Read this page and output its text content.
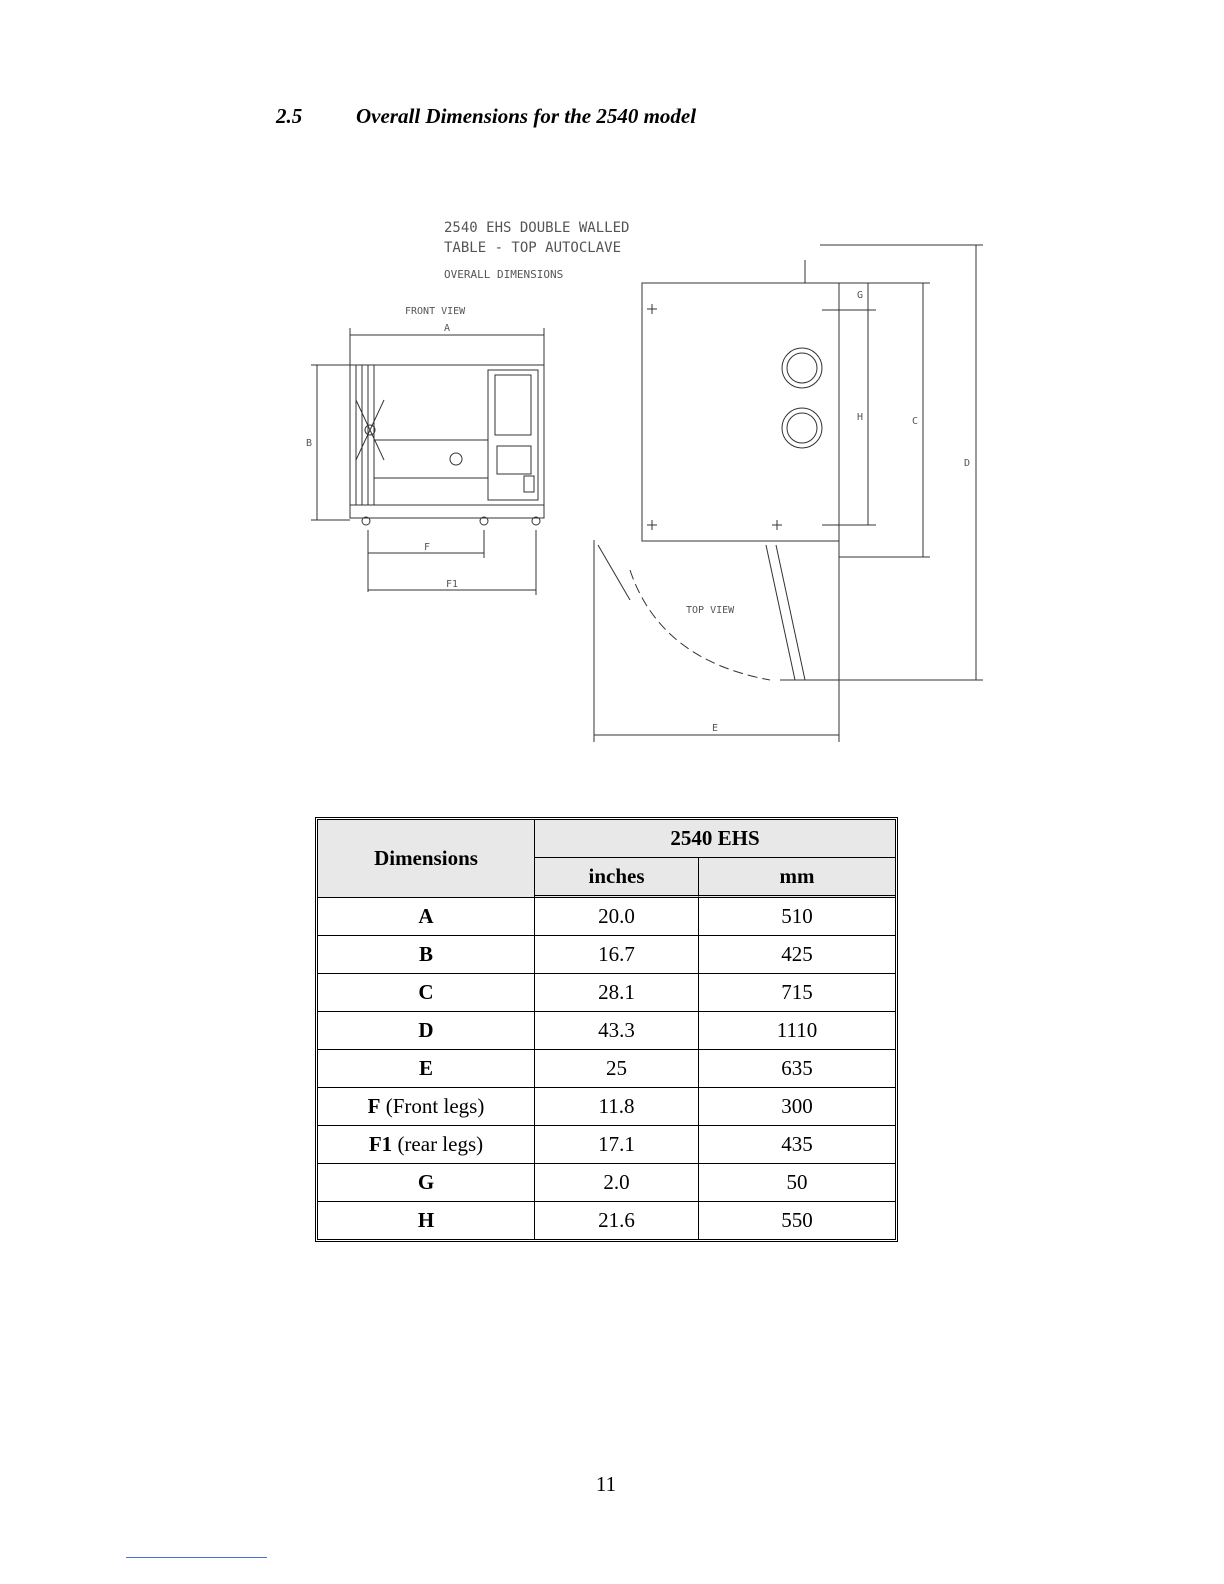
2.5	Overall Dimensions for the 2540 model
2540 EHS DOUBLE WALLED
TABLE - TOP AUTOCLAVE
OVERALL DIMENSIONS
FRONT VIEW
TOP VIEW
A
B
C
D
E
F
F1
G
H
Dimensions	2540 EHS	
	inches	mm
A	20.0	510
B	16.7	425
C	28.1	715
D	43.3	1110
E	25	635
F (Front legs)	11.8	300
F1 (rear legs)	17.1	435
G	2.0	50
H	21.6	550
11
